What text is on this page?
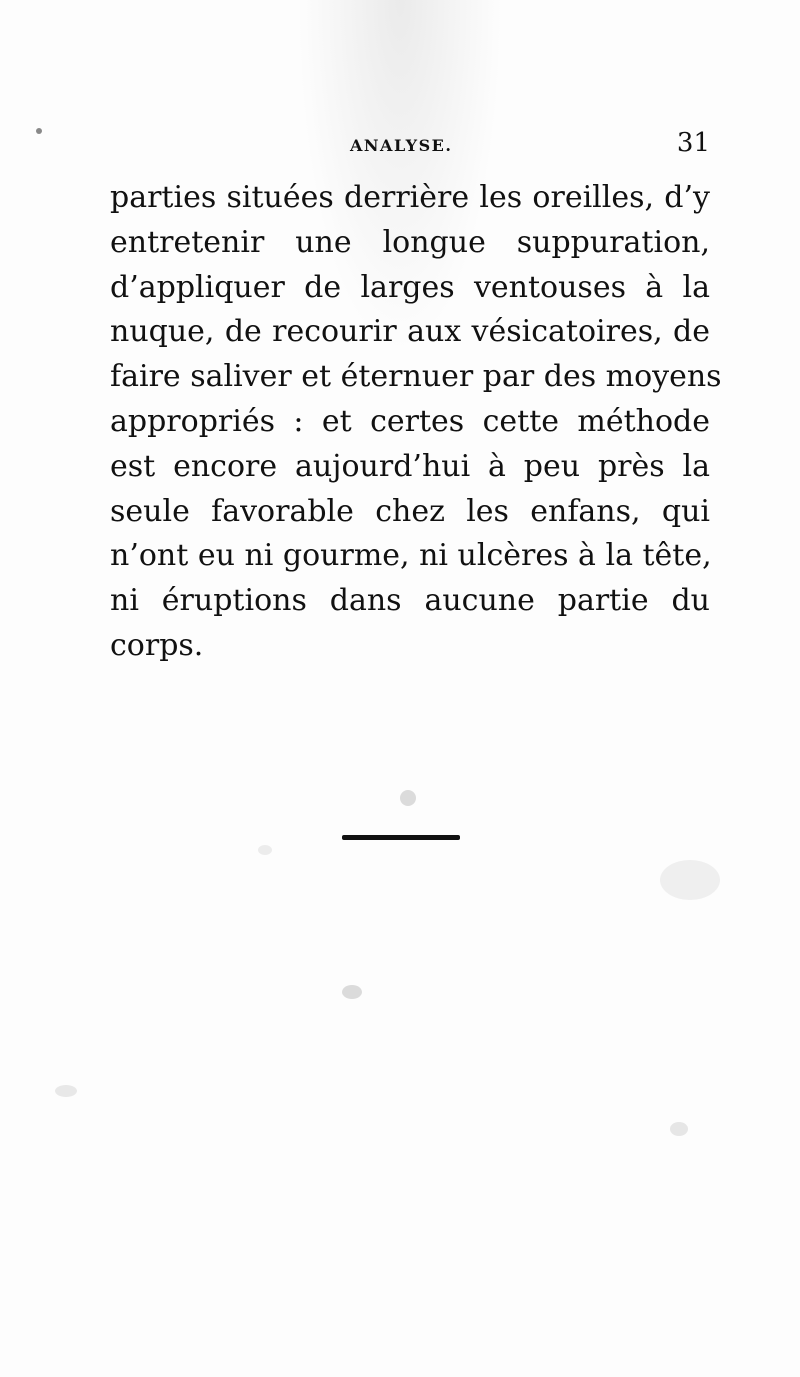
ANALYSE.	31
parties situées derrière les oreilles, d’y
entretenir une longue suppuration,
d’appliquer de larges ventouses à la
nuque, de recourir aux vésicatoires, de
faire saliver et éternuer par des moyens
appropriés : et certes cette méthode
est encore aujourd’hui à peu près la
seule favorable chez les enfans, qui
n’ont eu ni gourme, ni ulcères à la tête,
ni éruptions dans aucune partie du
corps.
